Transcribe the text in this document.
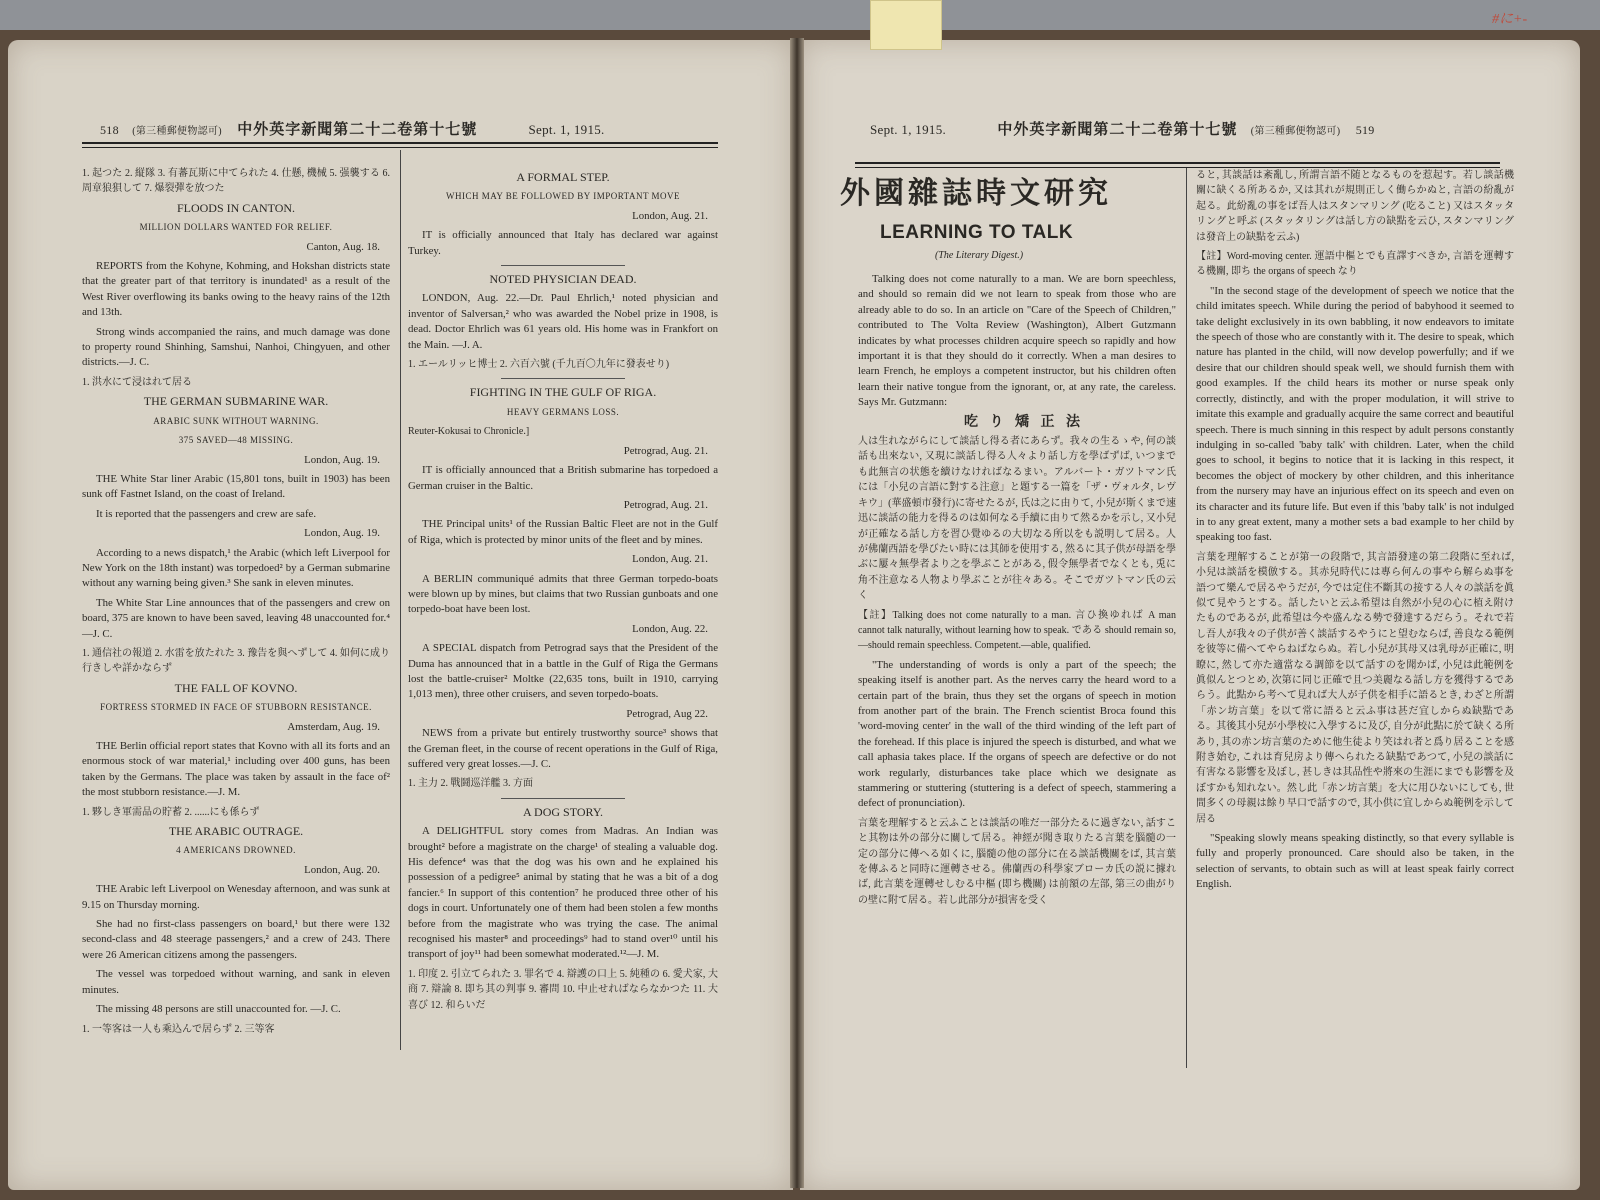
#に+-
518 (第三種郵便物認可) 中外英字新聞第二十二卷第十七號	Sept. 1, 1915.

1. 起つた 2. 縦隊 3. 有蕃瓦斯に中てられた 4. 仕懸, 機械 5. 强襲する 6. 周章狼狽して 7. 爆裂彈を放つた

FLOODS IN CANTON.

MILLION DOLLARS WANTED FOR RELIEF.

Canton, Aug. 18.

REPORTS from the Kohyne, Kohming, and Hokshan districts state that the greater part of that territory is inundated¹ as a result of the West River overflowing its banks owing to the heavy rains of the 12th and 13th.

Strong winds accompanied the rains, and much damage was done to property round Shinhing, Samshui, Nanhoi, Chingyuen, and other districts.—J. C.

1. 洪水にて浸はれて居る

THE GERMAN SUBMARINE WAR.

ARABIC SUNK WITHOUT WARNING.

375 SAVED—48 MISSING.

London, Aug. 19.

THE White Star liner Arabic (15,801 tons, built in 1903) has been sunk off Fastnet Island, on the coast of Ireland.

It is reported that the passengers and crew are safe.

London, Aug. 19.

According to a news dispatch,¹ the Arabic (which left Liverpool for New York on the 18th instant) was torpedoed² by a German submarine without any warning being given.³ She sank in eleven minutes.

The White Star Line announces that of the passengers and crew on board, 375 are known to have been saved, leaving 48 unaccounted for.⁴—J. C.

1. 通信社の報道 2. 水雷を放たれた 3. 豫告を與へずして 4. 如何に成り行きしや詳かならず

THE FALL OF KOVNO.

FORTRESS STORMED IN FACE OF STUBBORN RESISTANCE.

Amsterdam, Aug. 19.

THE Berlin official report states that Kovno with all its forts and an enormous stock of war material,¹ including over 400 guns, has been taken by the Germans. The place was taken by assault in the face of² the most stubborn resistance.—J. M.

1. 夥しき軍需品の貯蓄 2. ......にも係らず

THE ARABIC OUTRAGE.

4 AMERICANS DROWNED.

London, Aug. 20.

THE Arabic left Liverpool on Wenesday afternoon, and was sunk at 9.15 on Thursday morning.

She had no first-class passengers on board,¹ but there were 132 second-class and 48 steerage passengers,² and a crew of 243. There were 26 American citizens among the passengers.

The vessel was torpedoed without warning, and sank in eleven minutes.

The missing 48 persons are still unaccounted for. —J. C.

1. 一等客は一人も乘込んで居らず 2. 三等客

A FORMAL STEP.

WHICH MAY BE FOLLOWED BY IMPORTANT MOVE

London, Aug. 21.

IT is officially announced that Italy has declared war against Turkey.

NOTED PHYSICIAN DEAD.

LONDON, Aug. 22.—Dr. Paul Ehrlich,¹ noted physician and inventor of Salversan,² who was awarded the Nobel prize in 1908, is dead. Doctor Ehrlich was 61 years old. His home was in Frankfort on the Main. —J. A.

1. エールリッヒ博士 2. 六百六號 (千九百〇九年に發表せり)

FIGHTING IN THE GULF OF RIGA.

HEAVY GERMANS LOSS.

Reuter-Kokusai to Chronicle.]

Petrograd, Aug. 21.

IT is officially announced that a British submarine has torpedoed a German cruiser in the Baltic.

Petrograd, Aug. 21.

THE Principal units¹ of the Russian Baltic Fleet are not in the Gulf of Riga, which is protected by minor units of the fleet and by mines.

London, Aug. 21.

A BERLIN communiqué admits that three German torpedo-boats were blown up by mines, but claims that two Russian gunboats and one torpedo-boat have been lost.

London, Aug. 22.

A SPECIAL dispatch from Petrograd says that the President of the Duma has announced that in a battle in the Gulf of Riga the Germans lost the battle-cruiser² Moltke (22,635 tons, built in 1910, carrying 1,013 men), three other cruisers, and seven torpedo-boats.

Petrograd, Aug 22.

NEWS from a private but entirely trustworthy source³ shows that the Greman fleet, in the course of recent operations in the Gulf of Riga, suffered very great losses.—J. C.

1. 主力 2. 戰鬪巡洋艦 3. 方面

A DOG STORY.

A DELIGHTFUL story comes from Madras. An Indian was brought² before a magistrate on the charge¹ of stealing a valuable dog. His defence⁴ was that the dog was his own and he explained his possession of a pedigree⁵ animal by stating that he was a bit of a dog fancier.⁶ In support of this contention⁷ he produced three other of his dogs in court. Unfortunately one of them had been stolen a few months before from the magistrate who was trying the case. The animal recognised his master⁸ and proceedings⁹ had to stand over¹⁰ until his transport of joy¹¹ had been somewhat moderated.¹²—J. M.

1. 印度 2. 引立てられた 3. 罪名で 4. 辯護の口上 5. 純種の 6. 愛犬家, 大商 7. 辯論 8. 即ち其の判事 9. 審問 10. 中止せればならなかつた 11. 大喜び 12. 和らいだ

Sept. 1, 1915.	中外英字新聞第二十二卷第十七號 (第三種郵便物認可) 519
外國雜誌時文研究
LEARNING TO TALK
(The Literary Digest.)

Talking does not come naturally to a man. We are born speechless, and should so remain did we not learn to speak from those who are already able to do so. In an article on "Care of the Speech of Children," contributed to The Volta Review (Washington), Albert Gutzmann indicates by what processes children acquire speech so rapidly and how important it is that they should do it correctly. When a man desires to learn French, he employs a competent instructor, but his children often learn their native tongue from the ignorant, or, at any rate, the careless. Says Mr. Gutzmann:

吃 り 矯 正 法

人は生れながらにして談話し得る者にあらず。我々の生るゝや, 何の談話も出來ない, 又現に談話し得る人々より話し方を學ばずば, いつまでも此無言の状態を續けなければなるまい。アルバート・ガツトマン氏には「小兒の言語に對する注意」と題する一篇を「ザ・ヴォルタ, レヴキウ」(華盛頓市發行)に寄せたるが, 氏は之に由りて, 小兒が斯くまで速迅に談話の能力を得るのは如何なる手續に由りて然るかを示し, 又小兒が正確なる話し方を習ひ覺ゆるの大切なる所以をも説明して居る。人が佛蘭西語を學びたい時には其師を使用する, 然るに其子供が母語を學ぶに屢々無學者より之を學ぶことがある, 假令無學者でなくとも, 兎に角不注意なる人物より學ぶことが往々ある。そこでガツトマン氏の云く

【註】Talking does not come naturally to a man. 言ひ換ゆれば A man cannot talk naturally, without learning how to speak. である should remain so,—should remain speechless. Competent.—able, qualified.

"The understanding of words is only a part of the speech; the speaking itself is another part. As the nerves carry the heard word to a certain part of the brain, thus they set the organs of speech in motion from another part of the brain. The French scientist Broca found this 'word-moving center' in the wall of the third winding of the left part of the forehead. If this place is injured the speech is disturbed, and what we call aphasia takes place. If the organs of speech are defective or do not work regularly, disturbances take place which we designate as stammering or stuttering (stuttering is a defect of speech, stammering a defect of pronunciation).

言葉を理解すると云ふことは談話の唯だ一部分たるに過ぎない, 話すこと其物は外の部分に關して居る。神經が聞き取りたる言葉を腦髓の一定の部分に傳へる如くに, 腦髓の他の部分に在る談話機關をば, 其言葉を傳ふると同時に運轉させる。佛蘭西の科學家ブローカ氏の説に據れば, 此言葉を運轉せしむる中樞 (即ち機關) は前額の左部, 第三の曲がりの壁に附て居る。若し此部分が損害を受く

ると, 其談話は紊亂し, 所謂言語不随となるものを惹起す。若し談話機關に缺くる所あるか, 又は其れが規則正しく働らかぬと, 言語の紛亂が起る。此紛亂の事をば吾人はスタンマリング (吃ること) 又はスタッタリングと呼ぶ (スタッタリングは話し方の缺點を云ひ, スタンマリングは發音上の缺點を云ふ)

【註】Word-moving center. 運語中樞とでも直譯すべきか, 言語を運轉する機關, 即ち the organs of speech なり

"In the second stage of the development of speech we notice that the child imitates speech. While during the period of babyhood it seemed to take delight exclusively in its own babbling, it now endeavors to imitate the speech of those who are constantly with it. The desire to speak, which nature has planted in the child, will now develop powerfully; and if we desire that our children should speak well, we should furnish them with good examples. If the child hears its mother or nurse speak only correctly, distinctly, and with the proper modulation, it will strive to imitate this example and gradually acquire the same correct and beautiful speech. There is much sinning in this respect by adult persons constantly indulging in so-called 'baby talk' with children. Later, when the child goes to school, it begins to notice that it is lacking in this respect, it becomes the object of mockery by other children, and this inheritance from the nursery may have an injurious effect on its speech and even on its character and its future life. But even if this 'baby talk' is not indulged in to any great extent, many a mother sets a bad example to her child by speaking too fast.

言葉を理解することが第一の段階で, 其言語發達の第二段階に至れば, 小兒は談話を模倣する。其赤兒時代には專ら何んの事やら解らぬ事を語つて樂んで居るやうだが, 今では定住不斷其の接する人々の談話を眞似て見やうとする。話したいと云ふ希望は自然が小兒の心に植え附けたものであるが, 此希望は今や盛んなる勢で發達するだらう。それで若し吾人が我々の子供が善く談話するやうにと望むならば, 善良なる範例を彼等に備へてやらねばならぬ。若し小兒が其母又は乳母が正確に, 明瞭に, 然して亦た適當なる調節を以て話すのを聞かば, 小兒は此範例を眞似んとつとめ, 次第に同じ正確で且つ美麗なる話し方を獲得するであらう。此點から考へて見れば大人が子供を相手に語るとき, わざと所謂「赤ン坊言葉」を以て常に語ると云ふ事は甚だ宜しからぬ缺點である。其後其小兒が小學校に入學するに及び, 自分が此點に於て缺くる所あり, 其の赤ン坊言葉のために他生徒より笑はれ者と爲り居ることを感附き始む, これは育兒房より傳へられたる缺點であつて, 小兒の談話に有害なる影響を及ぼし, 甚しきは其品性や將來の生涯にまでも影響を及ぼすかも知れない。然し此「赤ン坊言葉」を大に用ひないにしても, 世間多くの母親は餘り早口で話すので, 其小供に宜しからぬ範例を示して居る

"Speaking slowly means speaking distinctly, so that every syllable is fully and properly pronounced. Care should also be taken, in the selection of servants, to obtain such as will at least speak fairly correct English.
